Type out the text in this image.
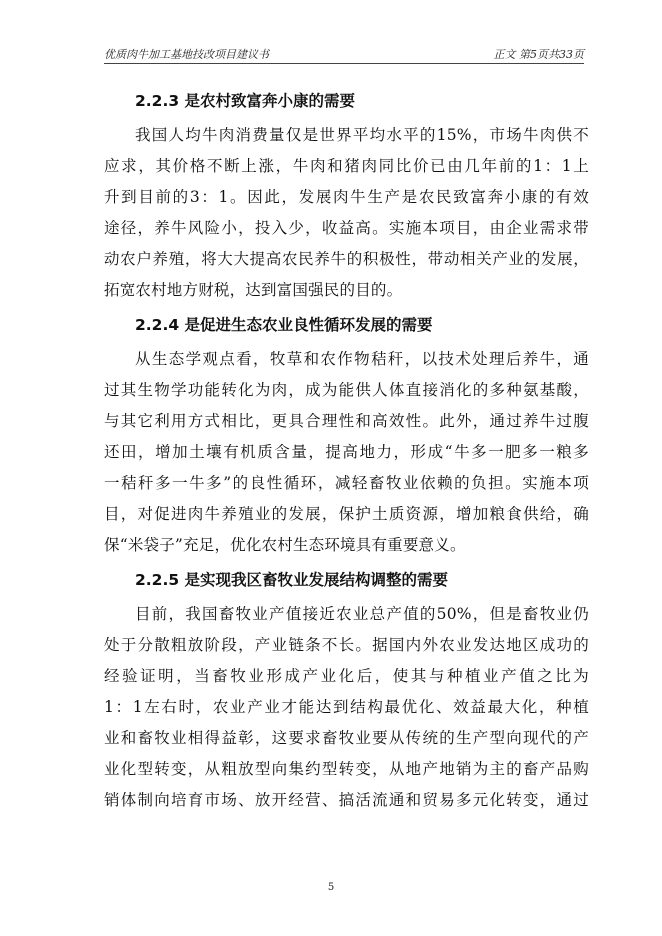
优质肉牛加工基地技改项目建议书	正文 第5页共33页
2.2.3 是农村致富奔小康的需要
我国人均牛肉消费量仅是世界平均水平的15%，市场牛肉供不
应求，其价格不断上涨，牛肉和猪肉同比价已由几年前的1：1上
升到目前的3：1。因此，发展肉牛生产是农民致富奔小康的有效
途径，养牛风险小，投入少，收益高。实施本项目，由企业需求带
动农户养殖，将大大提高农民养牛的积极性，带动相关产业的发展，
拓宽农村地方财税，达到富国强民的目的。
2.2.4 是促进生态农业良性循环发展的需要
从生态学观点看，牧草和农作物秸秆，以技术处理后养牛，通
过其生物学功能转化为肉，成为能供人体直接消化的多种氨基酸，
与其它利用方式相比，更具合理性和高效性。此外，通过养牛过腹
还田，增加土壤有机质含量，提高地力，形成“牛多一肥多一粮多
一秸秆多一牛多”的良性循环，减轻畜牧业依赖的负担。实施本项
目，对促进肉牛养殖业的发展，保护土质资源，增加粮食供给，确
保“米袋子”充足，优化农村生态环境具有重要意义。
2.2.5 是实现我区畜牧业发展结构调整的需要
目前，我国畜牧业产值接近农业总产值的50%，但是畜牧业仍
处于分散粗放阶段，产业链条不长。据国内外农业发达地区成功的
经验证明，当畜牧业形成产业化后，使其与种植业产值之比为
1：1左右时，农业产业才能达到结构最优化、效益最大化，种植
业和畜牧业相得益彰，这要求畜牧业要从传统的生产型向现代的产
业化型转变，从粗放型向集约型转变，从地产地销为主的畜产品购
销体制向培育市场、放开经营、搞活流通和贸易多元化转变，通过
5
